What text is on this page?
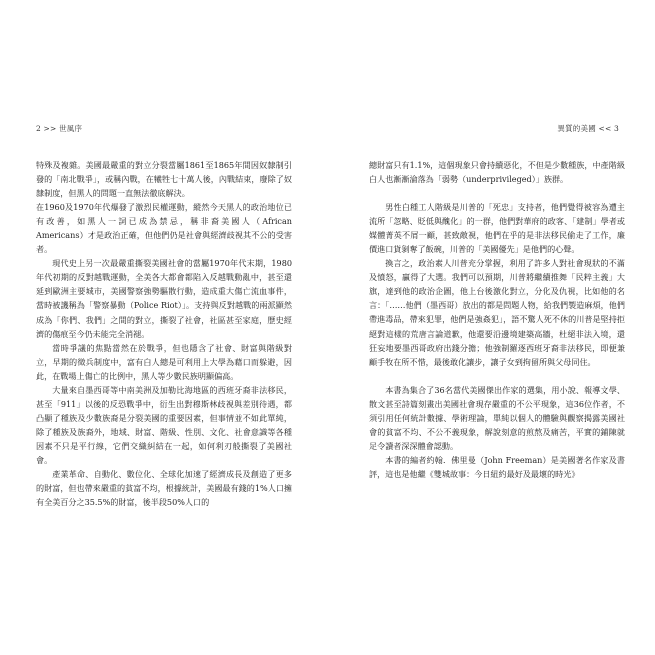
2 >> 世風序	異質的美國 << 3

特殊及複雜。美國最嚴重的對立分裂當屬1861至1865年間因奴隸制引發的「南北戰爭」，或稱內戰，在犧牲七十萬人後，內戰結束，廢除了奴隸制度，但黑人的問題一直無法徹底解決。

在1960及1970年代爆發了激烈民權運動，縱然今天黑人的政治地位已有改善，如黑人一詞已成為禁忌，稱非裔美國人（African Americans）才是政治正確，但他們仍是社會與經濟歧視其不公的受害者。

現代史上另一次最嚴重撕裂美國社會的當屬1970年代末期，1980年代初期的反對越戰運動，全美各大都會都陷入反越戰動亂中，甚至還延到歐洲主要城市，美國警察強勢驅散行動，造成重大傷亡流血事件，當時被譏稱為「警察暴動（Police Riot）」。支持與反對越戰的兩派顯然成為「你們、我們」之間的對立，撕裂了社會，社區甚至家庭，歷史經濟的傷痕至今仍未能完全消褪。

當時爭議的焦點當然在於戰爭，但也隱含了社會、財富與階級對立，早期的徵兵制度中，富有白人總是可利用上大學為藉口而躲避，因此，在戰場上傷亡的比例中，黑人等少數民族明顯偏高。

大量來自墨西哥等中南美洲及加勒比海地區的西班牙裔非法移民，甚至「911」以後的反恐戰爭中，衍生出對穆斯林歧視與差別待遇，都凸顯了種族及少數族裔是分裂美國的重要因素，但事情並不如此單純，除了種族及族裔外，地域、財富、階級、性別、文化、社會意識等各種因素不只是平行線，它們交織糾結在一起，如何利刃般撕裂了美國社會。

產業革命、自動化、數位化、全球化加速了經濟成長及創造了更多的財富，但也帶來嚴重的貧富不均，根據統計，美國最有錢的1%人口擁有全美百分之35.5%的財富，後半段50%人口的

總財富只有1.1%，這個現象只會持續惡化，不但是少數種族，中產階級白人也漸漸淪落為「弱勢（underprivileged）」族群。

男性白種工人階級是川普的「死忠」支持者，他們覺得被容為遭主流所「忽略、貶低與醜化」的一群，他們對華府的政客、「建制」學者或媒體菁英不屑一顧，甚致敵視，他們在乎的是非法移民偷走了工作，廉價進口貨剝奪了飯碗，川普的「美國優先」是他們的心聲。

換言之，政治素人川普充分掌握，利用了許多人對社會現狀的不滿及憤怒，贏得了大選。我們可以預期，川普將繼續推舞「民粹主義」大旗，達到他的政治企圖，他上台後激化對立，分化及仇視，比如他的名言：「……他們（墨西哥）放出的都是問題人物，給我們製造麻煩，他們帶進毒品，帶來犯罪，他們是強姦犯」，語不驚人死不休的川普是堅持拒絕對這樣的荒唐言論道歉，他還要沿邊境建築高牆，杜絕非法入境，還狂妄地要墨西哥政府出錢分擔；他強制羅逐西班牙裔非法移民，即便兼顧手牧在所不惜，最後敢化讓步，讓子女到拘留所與父母同住。

本書為集合了36名當代美國傑出作家的選集，用小說、報導文學、散文甚至詩篇刻畫出美國社會現存嚴重的不公平現象，這36位作者，不須引用任何統計數據、學術理論，單純以個人的體驗與觀察揭露美國社會的貧富不均、不公不義現象，解說刻意的煎熬及痛苦，平實的鋪陳就足令讀者深深體會認動。

本書的編者約翰．佛里曼（John Freeman）是美國著名作家及書評，這也是他繼《雙城故事：今日紐約最好及最壞的時光》
